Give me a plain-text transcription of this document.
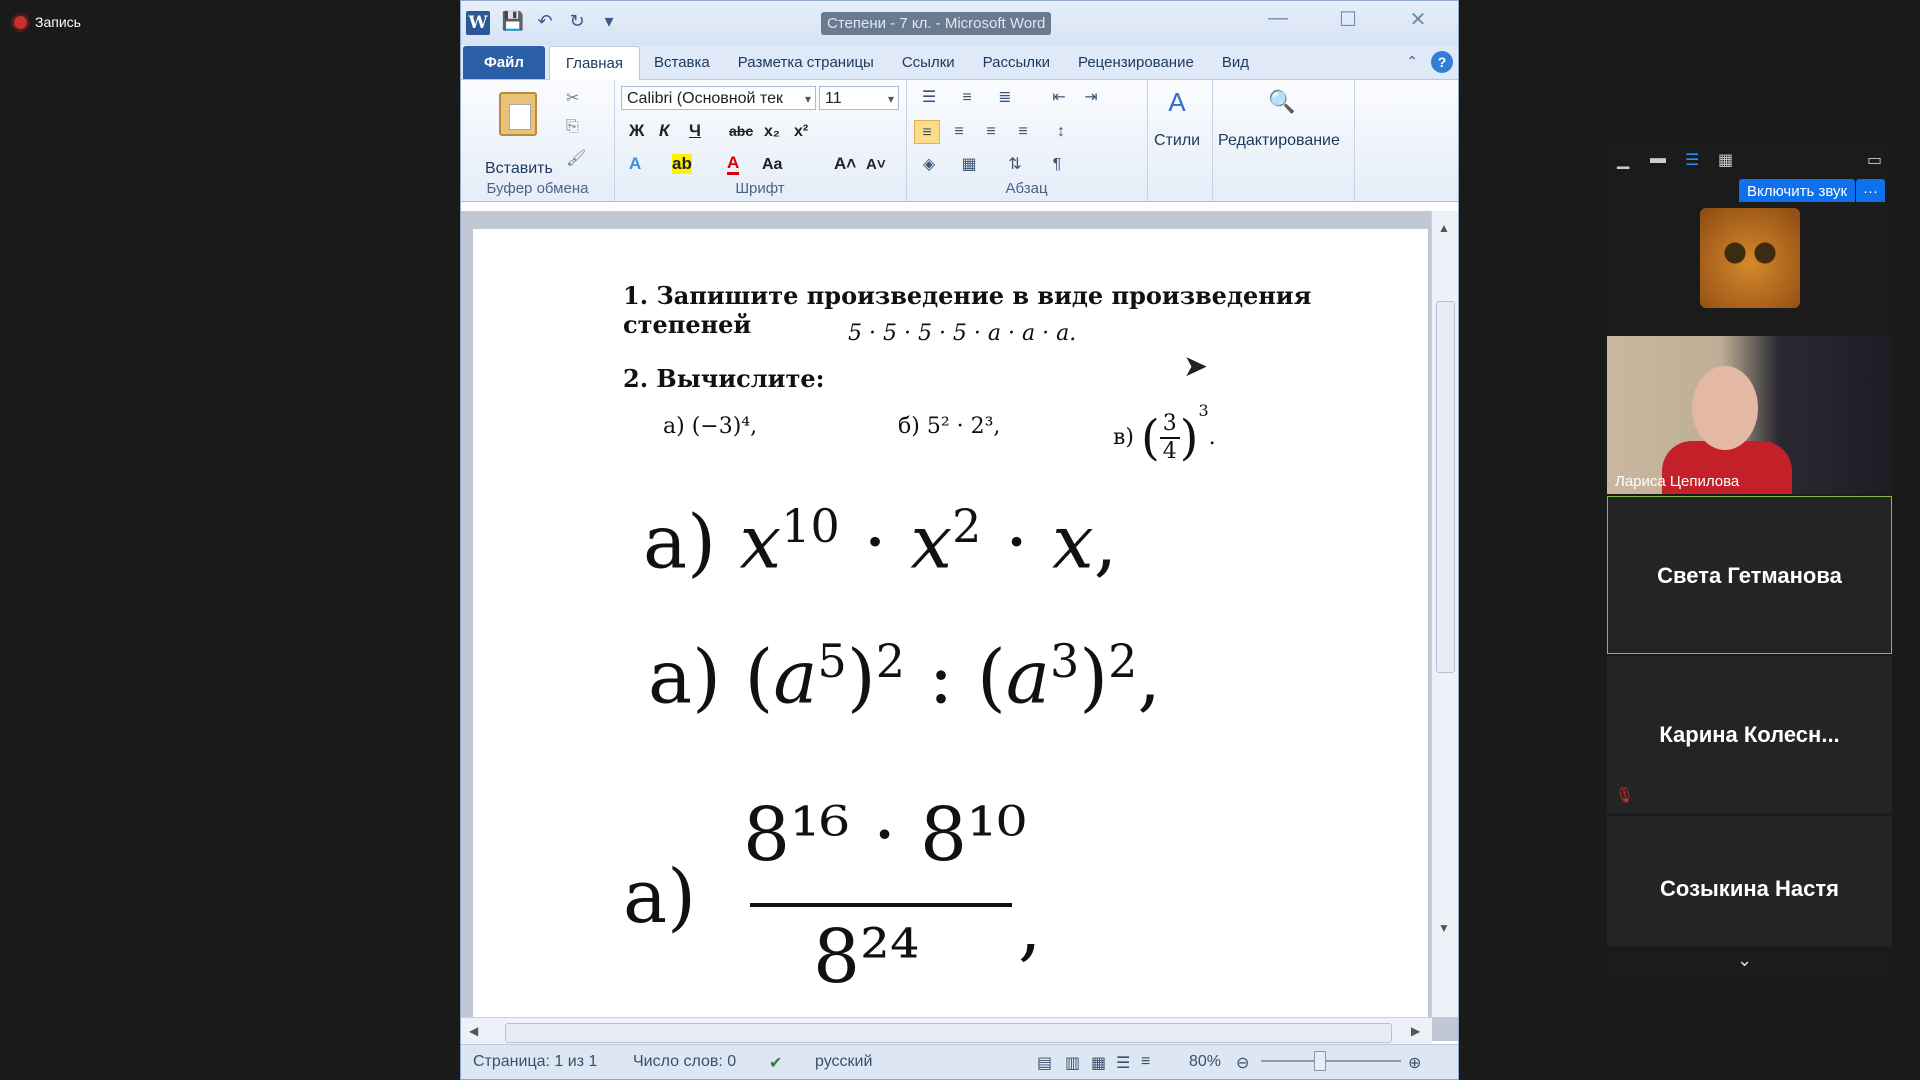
Запись	W 💾 ↶ ↻	▾	Степени - 7 кл. - Microsoft Word	—	☐	✕
Файл	Главная	Вставка	Разметка страницы	Ссылки	Рассылки	Рецензирование	Вид	⌃	?
Вставить
✂
⎘
🖌
Буфер обмена
Calibri (Основной тек ▾	11 ▾
Ж К Ч abc x₂ x²
A ab A Aa	A˄ A˅
Шрифт
☰	≡	≣	⇤	⇥
≡	≡	≡	≡	↕
◈	▦	⇅	¶
Абзац
A
Стили
🔍
Редактирование
1. Запишите произведение в виде произведения степеней	5 · 5 · 5 · 5 · a · a · a.
2. Вычислите:
а) (−3)⁴,	б) 5² · 2³,	в) ( $\frac{3}{4} )^3$.
a) $x^{10} \cdot x^2 \cdot x$,
a) $(a^5)^2$ : $(a^3)^2$,
a)
8¹⁶ · 8¹⁰
8²⁴ ,
➤
▲
▼
◀	▶
Страница: 1 из 1 Число слов: 0 ✔ русский	▤ ▥ ▦ ☰ ≡ 80% ⊖	⊕
▁ ▬ ☰ ▦	▭
Включить звук	···
Лариса Цепилова
Света Гетманова
Карина Колесн...
🎙
Созыкина Настя
⌄
